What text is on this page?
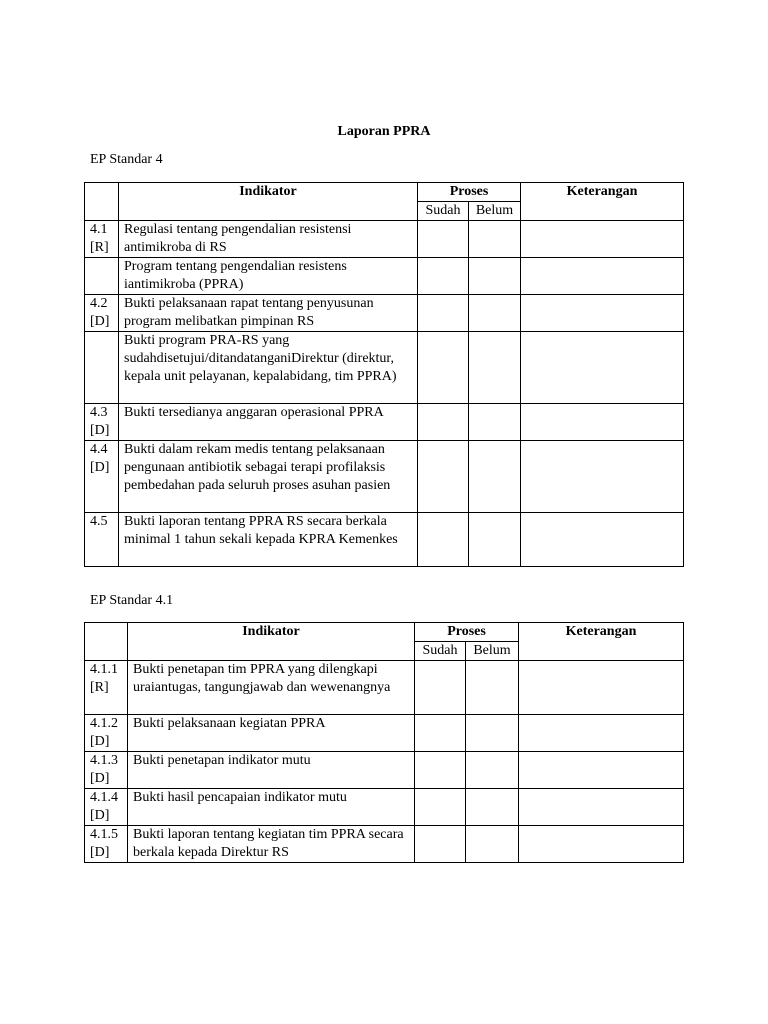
Laporan PPRA
EP Standar 4
	Indikator	Proses		Keterangan
		Sudah	Belum	
4.1 [R]	Regulasi tentang pengendalian resistensi antimikroba di RS			
	Program tentang pengendalian resistens iantimikroba (PPRA)			
4.2 [D]	Bukti pelaksanaan rapat tentang penyusunan program melibatkan pimpinan RS			
	Bukti program PRA-RS yang sudahdisetujui/ditandatanganiDirektur (direktur, kepala unit pelayanan, kepalabidang, tim PPRA)			
4.3 [D]	Bukti tersedianya anggaran operasional PPRA			
4.4 [D]	Bukti dalam rekam medis tentang pelaksanaan pengunaan antibiotik sebagai terapi profilaksis pembedahan pada seluruh proses asuhan pasien			
4.5	Bukti laporan tentang PPRA RS secara berkala minimal 1 tahun sekali kepada KPRA Kemenkes			
EP Standar 4.1
	Indikator	Proses		Keterangan
		Sudah	Belum	
4.1.1 [R]	Bukti penetapan tim PPRA yang dilengkapi uraiantugas, tangungjawab dan wewenangnya			
4.1.2 [D]	Bukti pelaksanaan kegiatan PPRA			
4.1.3 [D]	Bukti penetapan indikator mutu			
4.1.4 [D]	Bukti hasil pencapaian indikator mutu			
4.1.5 [D]	Bukti laporan tentang kegiatan tim PPRA secara berkala kepada Direktur RS			
